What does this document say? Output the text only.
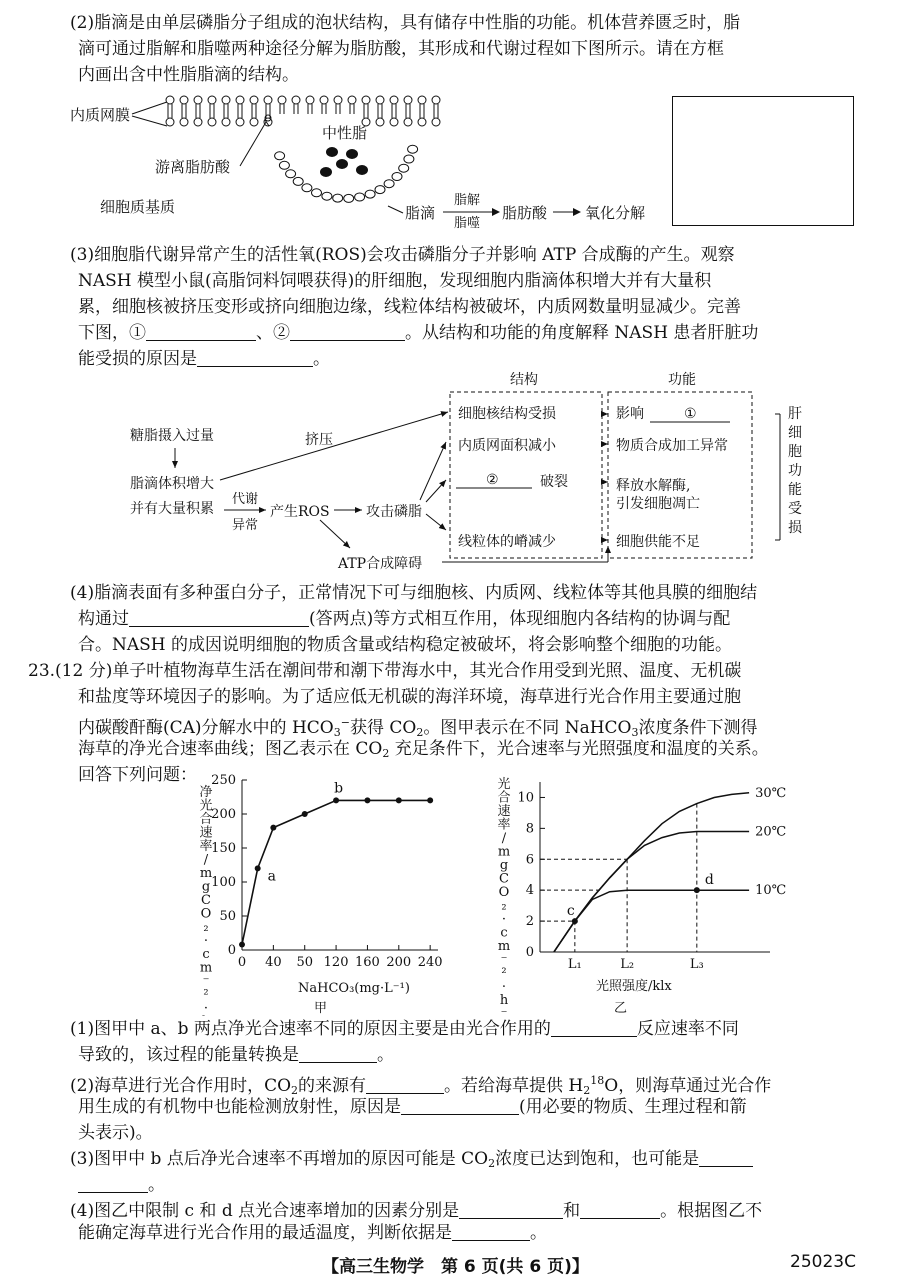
(2)脂滴是由单层磷脂分子组成的泡状结构，具有储存中性脂的功能。机体营养匮乏时，脂

滴可通过脂解和脂噬两种途径分解为脂肪酸，其形成和代谢过程如下图所示。请在方框

内画出含中性脂脂滴的结构。

内质网膜
中性脂
游离脂肪酸
细胞质基质	脂滴
脂解
脂噬
脂肪酸	氧化分解

(3)细胞脂代谢异常产生的活性氧(ROS)会攻击磷脂分子并影响 ATP 合成酶的产生。观察

NASH 模型小鼠(高脂饲料饲喂获得)的肝细胞，发现细胞内脂滴体积增大并有大量积

累，细胞核被挤压变形或挤向细胞边缘，线粒体结构被破坏，内质网数量明显减少。完善

下图，①	、②	。从结构和功能的角度解释 NASH 患者肝脏功

能受损的原因是	。

结构	功能
糖脂摄入过量	挤压
脂滴体积增大
并有大量积累
代谢
异常
产生ROS	攻击磷脂
ATP合成障碍
细胞核结构受损
内质网面积减小
②	破裂
线粒体的嵴减少
影响	①
物质合成加工异常
释放水解酶,
引发细胞凋亡
细胞供能不足
肝
细
胞
功
能
受
损

(4)脂滴表面有多种蛋白分子，正常情况下可与细胞核、内质网、线粒体等其他具膜的细胞结

构通过	(答两点)等方式相互作用，体现细胞内各结构的协调与配

合。NASH 的成因说明细胞的物质含量或结构稳定被破坏，将会影响整个细胞的功能。

23.(12 分)单子叶植物海草生活在潮间带和潮下带海水中，其光合作用受到光照、温度、无机碳

和盐度等环境因子的影响。为了适应低无机碳的海洋环境，海草进行光合作用主要通过胞

内碳酸酐酶(CA)分解水中的 $HCO_3^-$获得 $CO_2$。图甲表示在不同 NaHCO$_3$浓度条件下测得

海草的净光合速率曲线；图乙表示在 $CO_2$ 充足条件下，光合速率与光照强度和温度的关系。

回答下列问题：

净
光
合
速
率
/
m
g
C
O
₂
·
c
m
⁻
²
·
0
50
100
150
200
250
0 40 50 120 160 200 240
a
b
NaHCO₃(mg·L⁻¹)
甲
光
合
速
率
/
m
g
C
O
₂
·
c
m
⁻
²
·
h
⁻
0
2
4
6
8
10
L₁	L₂	L₃
30℃
20℃
10℃
c
d
光照强度/klx
乙

(1)图甲中 a、b 两点净光合速率不同的原因主要是由光合作用的	反应速率不同

导致的，该过程的能量转换是	。

(2)海草进行光合作用时，$CO_2$的来源有	。若给海草提供 $H_2^{18}O$，则海草通过光合作

用生成的有机物中也能检测放射性，原因是	(用必要的物质、生理过程和箭

头表示)。

(3)图甲中 b 点后净光合速率不再增加的原因可能是 $CO_2$浓度已达到饱和，也可能是

。

(4)图乙中限制 c 和 d 点光合速率增加的因素分别是	和	。根据图乙不

【高三生物学　第 6 页(共 6 页)】	25023C

能确定海草进行光合作用的最适温度，判断依据是	。
